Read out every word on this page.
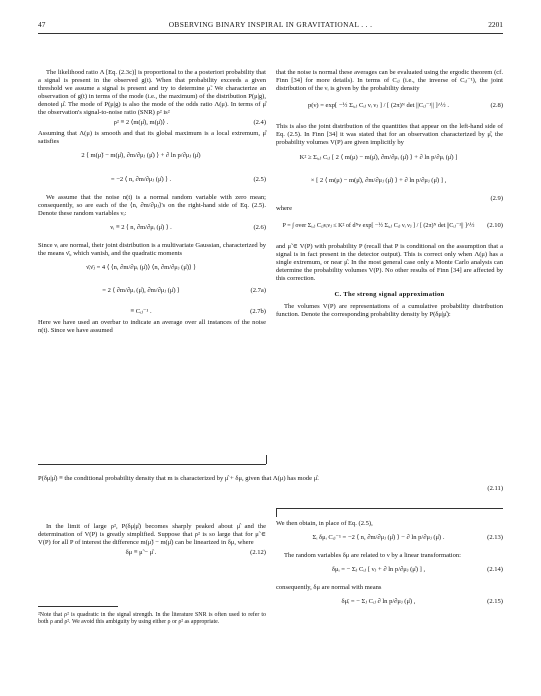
47	OBSERVING BINARY INSPIRAL IN GRAVITATIONAL . . .	2201

The likelihood ratio Λ [Eq. (2.3c)] is proportional to the a posteriori probability that a signal is present in the observed g(t). When that probability exceeds a given threshold we assume a signal is present and try to determine μ̃. We characterize an observation of g(t) in terms of the mode (i.e., the maximum) of the distribution P(μ|g), denoted μ̂. The mode of P(μ|g) is also the mode of the odds ratio Λ(μ). In terms of μ̂ the observation's signal-to-noise ratio (SNR) ρ² is²

ρ² ≡ 2 ⟨m(μ̂), m(μ̂)⟩ .	(2.4)

Assuming that Λ(μ) is smooth and that its global maximum is a local extremum, μ̂ satisfies

2 ⟨ m(μ̃) − m(μ̂), ∂m/∂μⱼ (μ̂) ⟩ + ∂ ln p/∂μⱼ (μ̂)
= −2 ⟨ n, ∂m/∂μⱼ (μ̂) ⟩ .	(2.5)

We assume that the noise n(t) is a normal random variable with zero mean; consequently, so are each of the ⟨n, ∂m/∂μⱼ⟩'s on the right-hand side of Eq. (2.5). Denote these random variables νᵢ:

νᵢ ≡ 2 ⟨ n, ∂m/∂μᵢ (μ̂) ⟩ .	(2.6)

Since νᵢ are normal, their joint distribution is a multivariate Gaussian, characterized by the means ν̄ᵢ, which vanish, and the quadratic moments

ν̄ᵢν̄ⱼ = 4 ⟨ ⟨n, ∂m/∂μᵢ (μ̂)⟩ ⟨n, ∂m/∂μⱼ (μ̂)⟩ ⟩
= 2 ⟨ ∂m/∂μᵢ (μ̂), ∂m/∂μⱼ (μ̂) ⟩	(2.7a)
≡ Cᵢⱼ⁻¹ .	(2.7b)

Here we have used an overbar to indicate an average over all instances of the noise n(t). Since we have assumed

that the noise is normal these averages can be evaluated using the ergodic theorem (cf. Finn [34] for more details). In terms of Cᵢⱼ (i.e., the inverse of Cᵢⱼ⁻¹), the joint distribution of the νᵢ is given by the probability density

p(ν) = exp[ −½ Σᵢ,ⱼ Cᵢⱼ νᵢ νⱼ ] / [ (2π)ᴺ det ||Cᵢⱼ⁻¹|| ]^½ .	(2.8)

This is also the joint distribution of the quantities that appear on the left-hand side of Eq. (2.5). In Finn [34] it was stated that for an observation characterized by μ̂, the probability volumes V(P) are given implicitly by

K² ≥ Σᵢ,ⱼ Cᵢⱼ [ 2 ⟨ m(μ) − m(μ̂), ∂m/∂μᵢ (μ̂) ⟩ + ∂ ln p/∂μᵢ (μ̂) ]
× [ 2 ⟨ m(μ) − m(μ̂), ∂m/∂μⱼ (μ̂) ⟩ + ∂ ln p/∂μⱼ (μ̂) ] ,
(2.9)

where

P = ∫ over Σᵢ,ⱼ Cᵢⱼνᵢνⱼ ≤ K² of dᴺν exp[ −½ Σᵢ,ⱼ Cᵢⱼ νᵢ νⱼ ] / [ (2π)ᴺ det ||Cᵢⱼ⁻¹|| ]^½	(2.10)

and μ̃ ∈ V(P) with probability P (recall that P is conditional on the assumption that a signal is in fact present in the detector output). This is correct only when Λ(μ) has a single extremum, or near μ̂. In the most general case only a Monte Carlo analysis can determine the probability volumes V(P). No other results of Finn [34] are affected by this correction.

C. The strong signal approximation

The volumes V(P) are representations of a cumulative probability distribution function. Denote the corresponding probability density by P(δμ|μ̂):

P(δμ|μ̂) ≡ the conditional probability density that m is characterized by μ̂ + δμ, given that Λ(μ) has mode μ̂.
(2.11)

In the limit of large ρ², P(δμ|μ̂) becomes sharply peaked about μ̂ and the determination of V(P) is greatly simplified. Suppose that ρ² is so large that for μ̃ ∈ V(P) for all P of interest the difference m(μ̃) − m(μ̂) can be linearized in δμ, where

δμ ≡ μ̃ − μ̂ .	(2.12)
²Note that ρ² is quadratic in the signal strength. In the literature SNR is often used to refer to both ρ and ρ². We avoid this ambiguity by using either ρ or ρ² as appropriate.

We then obtain, in place of Eq. (2.5),

Σᵢ δμᵢ Cᵢⱼ⁻¹ = −2 ⟨ n, ∂m/∂μⱼ (μ̂) ⟩ − ∂ ln p/∂μⱼ (μ̂) .	(2.13)

The random variables δμ are related to ν by a linear transformation:

δμᵢ = − Σⱼ Cᵢⱼ [ νⱼ + ∂ ln p/∂μⱼ (μ̂) ] ,	(2.14)

consequently, δμ are normal with means

δμ̄ᵢ = − Σⱼ Cᵢⱼ ∂ ln p/∂μⱼ (μ̂) ,	(2.15)
